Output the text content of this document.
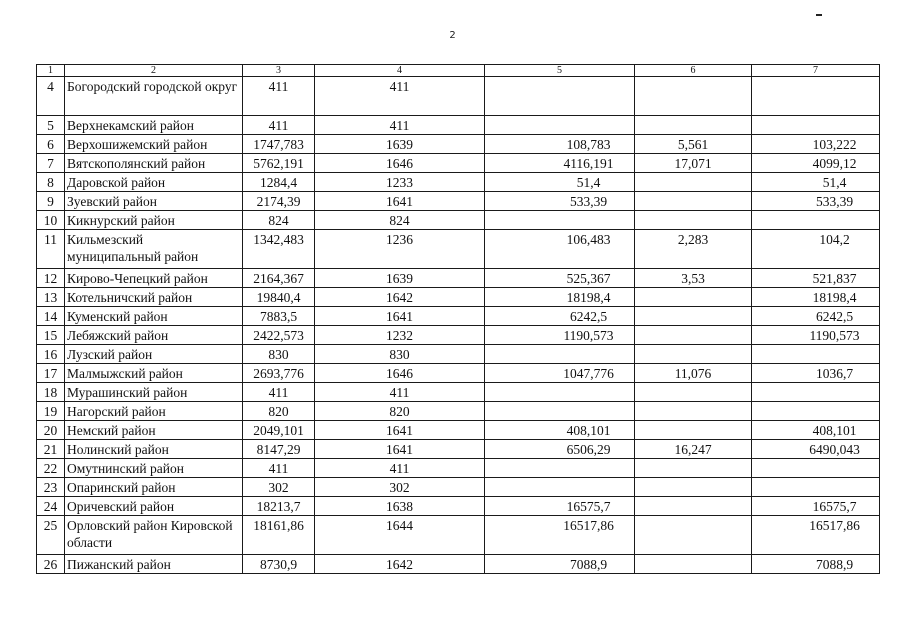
2
1	2	3	4	5	6	7
4	Богородский городской округ	411	411			
5	Верхнекамский район	411	411			
6	Верхошижемский район	1747,783	1639	108,783	5,561	103,222
7	Вятскополянский район	5762,191	1646	4116,191	17,071	4099,12
8	Даровской район	1284,4	1233	51,4		51,4
9	Зуевский район	2174,39	1641	533,39		533,39
10	Кикнурский район	824	824			
11	Кильмезский муниципальный район	1342,483	1236	106,483	2,283	104,2
12	Кирово-Чепецкий район	2164,367	1639	525,367	3,53	521,837
13	Котельничский район	19840,4	1642	18198,4		18198,4
14	Куменский район	7883,5	1641	6242,5		6242,5
15	Лебяжский район	2422,573	1232	1190,573		1190,573
16	Лузский район	830	830			
17	Малмыжский район	2693,776	1646	1047,776	11,076	1036,7
18	Мурашинский район	411	411			
19	Нагорский район	820	820			
20	Немский район	2049,101	1641	408,101		408,101
21	Нолинский район	8147,29	1641	6506,29	16,247	6490,043
22	Омутнинский район	411	411			
23	Опаринский район	302	302			
24	Оричевский район	18213,7	1638	16575,7		16575,7
25	Орловский район Кировской области	18161,86	1644	16517,86		16517,86
26	Пижанский район	8730,9	1642	7088,9		7088,9
